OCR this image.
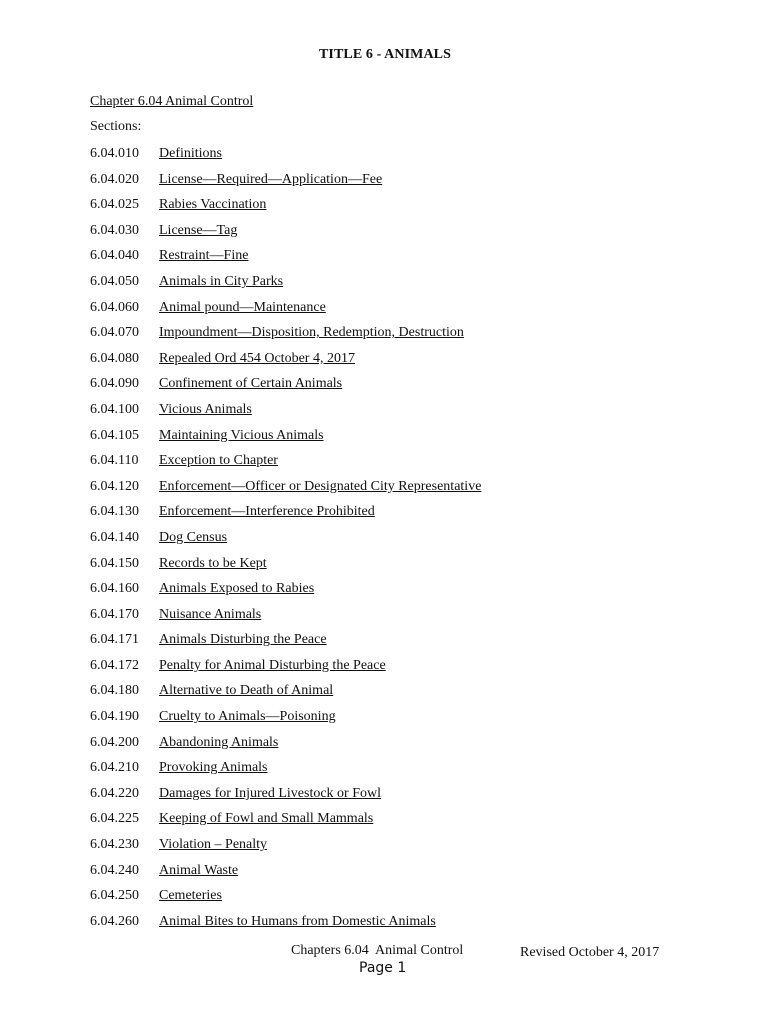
TITLE 6 - ANIMALS
Chapter 6.04 Animal Control
Sections:
6.04.010 Definitions
6.04.020 License—Required—Application—Fee
6.04.025 Rabies Vaccination
6.04.030 License—Tag
6.04.040 Restraint—Fine
6.04.050 Animals in City Parks
6.04.060 Animal pound—Maintenance
6.04.070 Impoundment—Disposition, Redemption, Destruction
6.04.080 Repealed Ord 454 October 4, 2017
6.04.090 Confinement of Certain Animals
6.04.100 Vicious Animals
6.04.105 Maintaining Vicious Animals
6.04.110 Exception to Chapter
6.04.120 Enforcement—Officer or Designated City Representative
6.04.130 Enforcement—Interference Prohibited
6.04.140 Dog Census
6.04.150 Records to be Kept
6.04.160 Animals Exposed to Rabies
6.04.170 Nuisance Animals
6.04.171 Animals Disturbing the Peace
6.04.172 Penalty for Animal Disturbing the Peace
6.04.180 Alternative to Death of Animal
6.04.190 Cruelty to Animals—Poisoning
6.04.200 Abandoning Animals
6.04.210 Provoking Animals
6.04.220 Damages for Injured Livestock or Fowl
6.04.225 Keeping of Fowl and Small Mammals
6.04.230 Violation – Penalty
6.04.240 Animal Waste
6.04.250 Cemeteries
6.04.260 Animal Bites to Humans from Domestic Animals
Chapters 6.04  Animal Control	Revised October 4, 2017
Page 1
